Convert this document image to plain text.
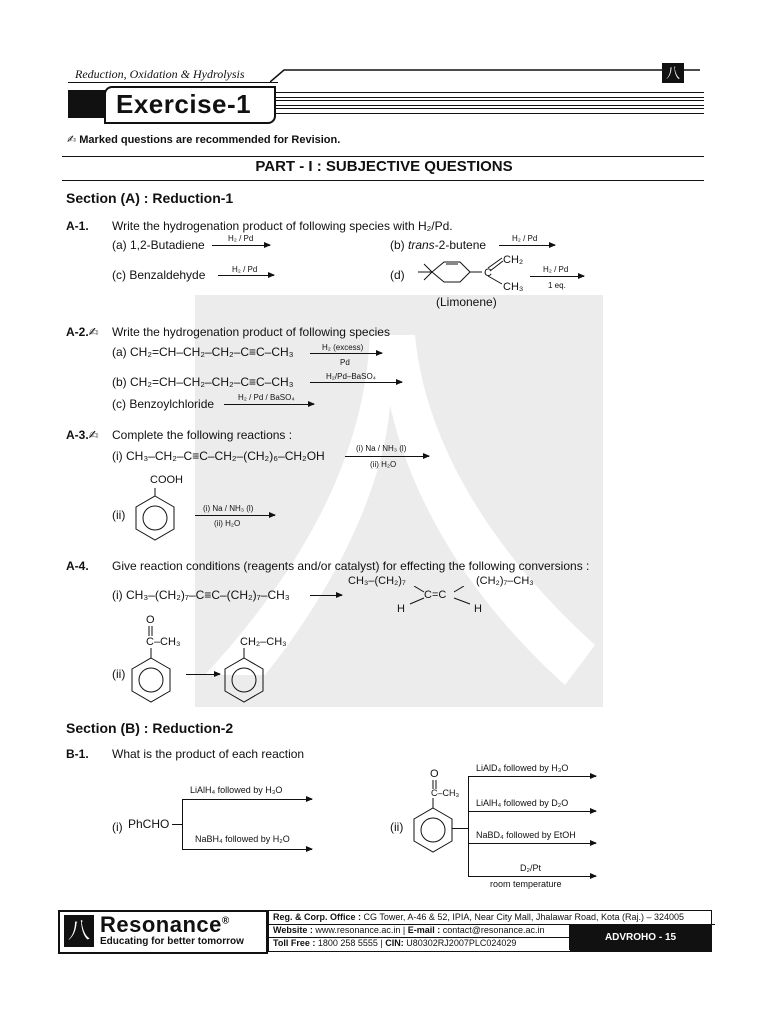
Reduction, Oxidation & Hydrolysis	八
Exercise-1
✍ Marked questions are recommended for Revision.
PART - I : SUBJECTIVE QUESTIONS
Section (A) : Reduction-1
A-1. Write the hydrogenation product of following species with H₂/Pd.
(a) 1,2-Butadiene	H₂ / Pd	(b) trans-2-butene	H₂ / Pd
(c) Benzaldehyde	H₂ / Pd	(d)
CH₂
C
CH₃
H₂ / Pd
1 eq.
(Limonene)
A-2.✍ Write the hydrogenation product of following species
(a) CH₂=CH–CH₂–CH₂–C≡C–CH₃	H₂ (excess)
Pd
(b) CH₂=CH–CH₂–CH₂–C≡C–CH₃	H₂/Pd–BaSO₄
(c) Benzoylchloride	H₂ / Pd / BaSO₄
A-3.✍ Complete the following reactions :
(i) CH₃–CH₂–C≡C–CH₂–(CH₂)₆–CH₂OH
(i) Na / NH₃ (l)
(ii) H₂O
COOH
(ii)	(i) Na / NH₃ (l)
(ii) H₂O
A-4. Give reaction conditions (reagents and/or catalyst) for effecting the following conversions :
(i) CH₃–(CH₂)₇–C≡C–(CH₂)₇–CH₃
CH₃–(CH₂)₇	(CH₂)₇–CH₃
C=C
H	H
O
C–CH₃
(ii)
CH₂–CH₃
Section (B) : Reduction-2
B-1. What is the product of each reaction
(i) PhCHO
LiAlH₄ followed by H₃O
NaBH₄ followed by H₂O
(ii)
O
C–CH₃
LiAlD₄ followed by H₃O
LiAlH₄ followed by D₂O
NaBD₄ followed by EtOH
D₂/Pt
room temperature
八 Resonance®
Educating for better tomorrow
Reg. & Corp. Office : CG Tower, A-46 & 52, IPIA, Near City Mall, Jhalawar Road, Kota (Raj.) – 324005
Website : www.resonance.ac.in | E-mail : contact@resonance.ac.in
Toll Free : 1800 258 5555 | CIN: U80302RJ2007PLC024029	ADVROHO - 15
